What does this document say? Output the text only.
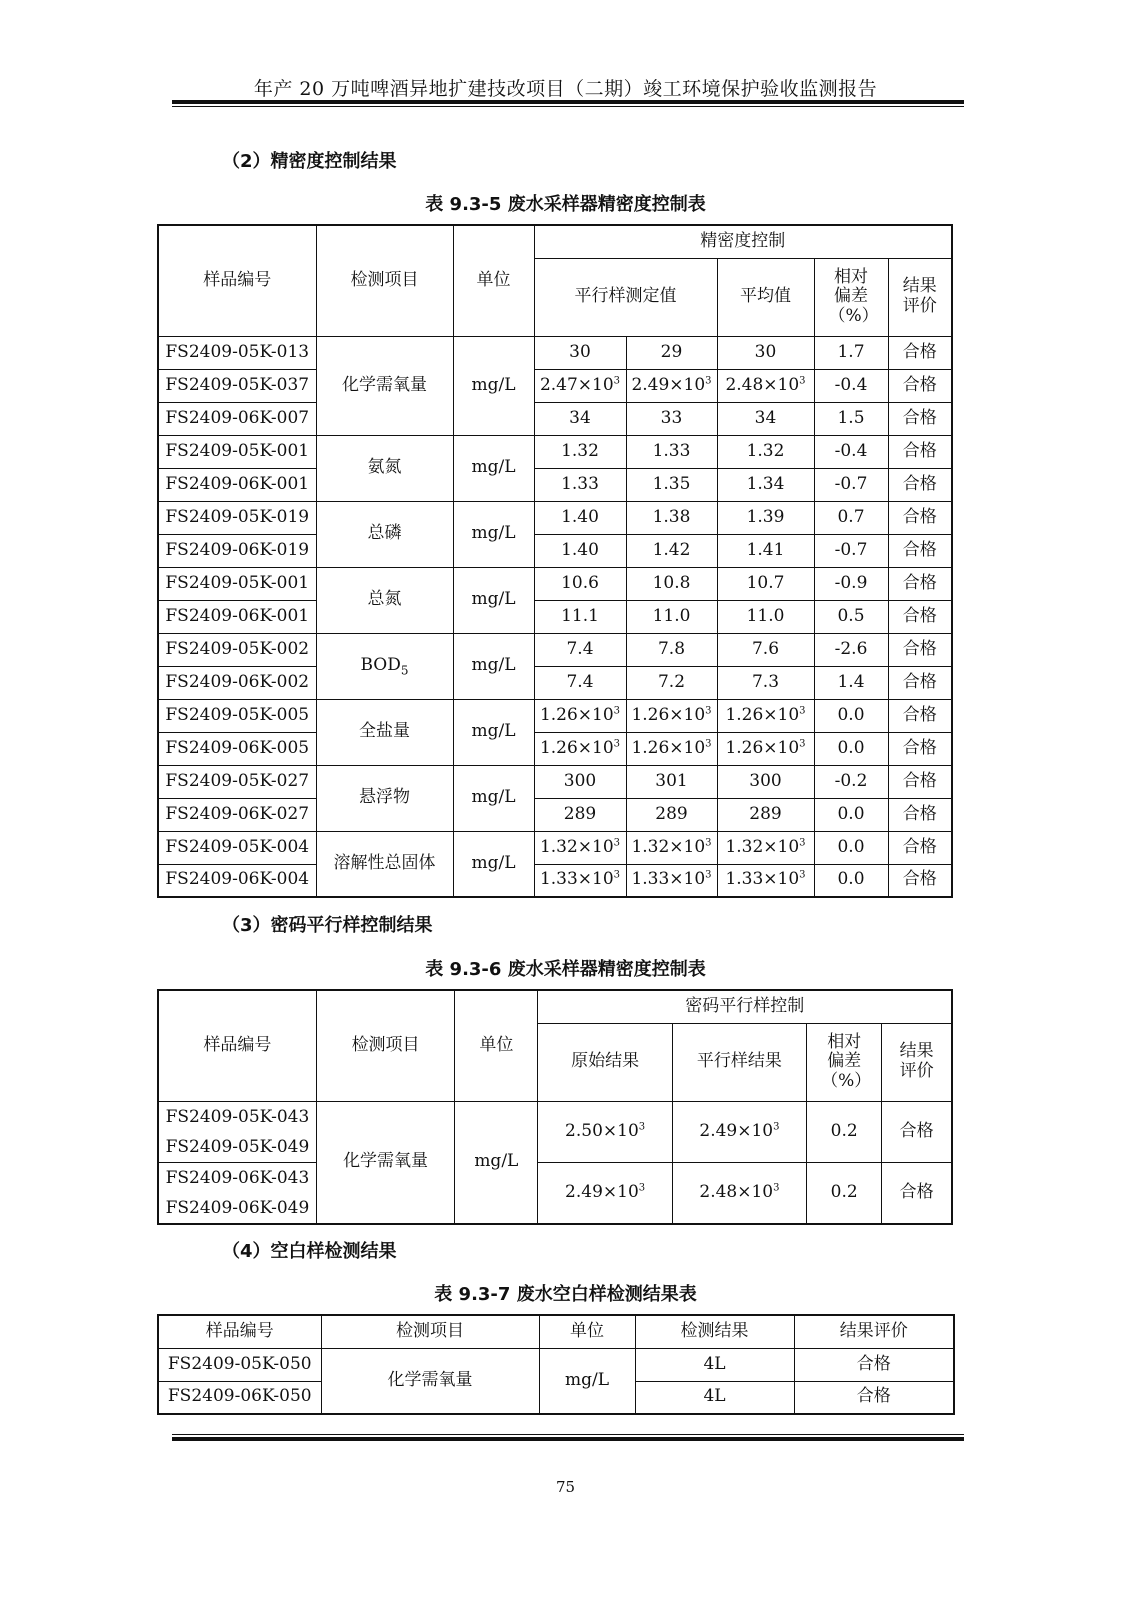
年产 20 万吨啤酒异地扩建技改项目（二期）竣工环境保护验收监测报告
（2）精密度控制结果
表 9.3-5 废水采样器精密度控制表
样品编号	检测项目	单位	精密度控制				
			平行样测定值		平均值	相对偏差（%）	结果评价
FS2409-05K-013	化学需氧量	mg/L	30	29	30	1.7	合格
FS2409-05K-037			$2.47\times 10^3$	$2.49\times 10^3$	$2.48\times 10^3$	-0.4	合格
FS2409-06K-007			34	33	34	1.5	合格
FS2409-05K-001	氨氮	mg/L	1.32	1.33	1.32	-0.4	合格
FS2409-06K-001			1.33	1.35	1.34	-0.7	合格
FS2409-05K-019	总磷	mg/L	1.40	1.38	1.39	0.7	合格
FS2409-06K-019			1.40	1.42	1.41	-0.7	合格
FS2409-05K-001	总氮	mg/L	10.6	10.8	10.7	-0.9	合格
FS2409-06K-001			11.1	11.0	11.0	0.5	合格
FS2409-05K-002	$BOD_5$	mg/L	7.4	7.8	7.6	-2.6	合格
FS2409-06K-002			7.4	7.2	7.3	1.4	合格
FS2409-05K-005	全盐量	mg/L	$1.26\times 10^3$	$1.26\times 10^3$	$1.26\times 10^3$	0.0	合格
FS2409-06K-005			$1.26\times 10^3$	$1.26\times 10^3$	$1.26\times 10^3$	0.0	合格
FS2409-05K-027	悬浮物	mg/L	300	301	300	-0.2	合格
FS2409-06K-027			289	289	289	0.0	合格
FS2409-05K-004	溶解性总固体	mg/L	$1.32\times 10^3$	$1.32\times 10^3$	$1.32\times 10^3$	0.0	合格
FS2409-06K-004			$1.33\times 10^3$	$1.33\times 10^3$	$1.33\times 10^3$	0.0	合格
（3）密码平行样控制结果
表 9.3-6 废水采样器精密度控制表
样品编号	检测项目	单位	密码平行样控制			
			原始结果	平行样结果	相对偏差（%）	结果评价

FS2409-05K-043
FS2409-05K-049	化学需氧量	mg/L	$2.50\times 10^3$	$2.49\times 10^3$	0.2	合格

FS2409-06K-043
FS2409-06K-049			$2.49\times 10^3$	$2.48\times 10^3$	0.2	合格
（4）空白样检测结果
表 9.3-7 废水空白样检测结果表
样品编号	检测项目	单位	检测结果	结果评价
FS2409-05K-050	化学需氧量	mg/L	4L	合格
FS2409-06K-050			4L	合格
75
